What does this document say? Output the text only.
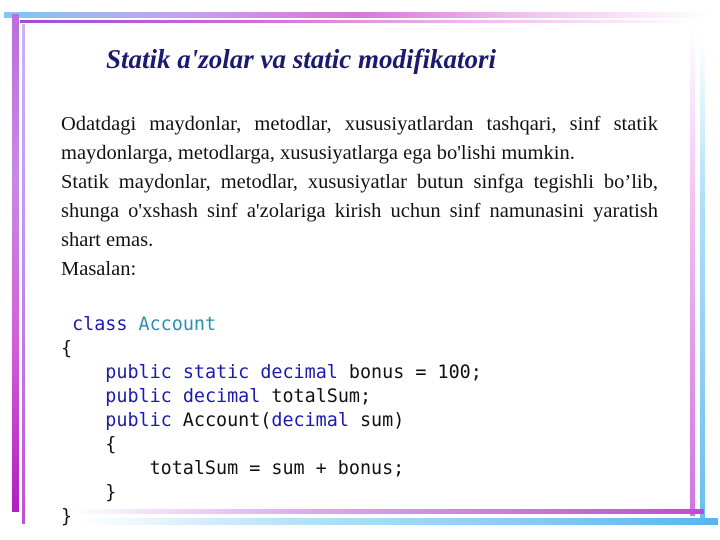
Statik a'zolar va static modifikatori

Odatdagi maydonlar, metodlar, xususiyatlardan tashqari, sinf statik maydonlarga, metodlarga, xususiyatlarga ega bo'lishi mumkin.

Statik maydonlar, metodlar, xususiyatlar butun sinfga tegishli bo’lib, shunga o'xshash sinf a'zolariga kirish uchun sinf namunasini yaratish shart emas.

Masalan:

class Account
{
public static decimal bonus = 100;
public decimal totalSum;
public Account(decimal sum)
{
totalSum = sum + bonus;
}
}
